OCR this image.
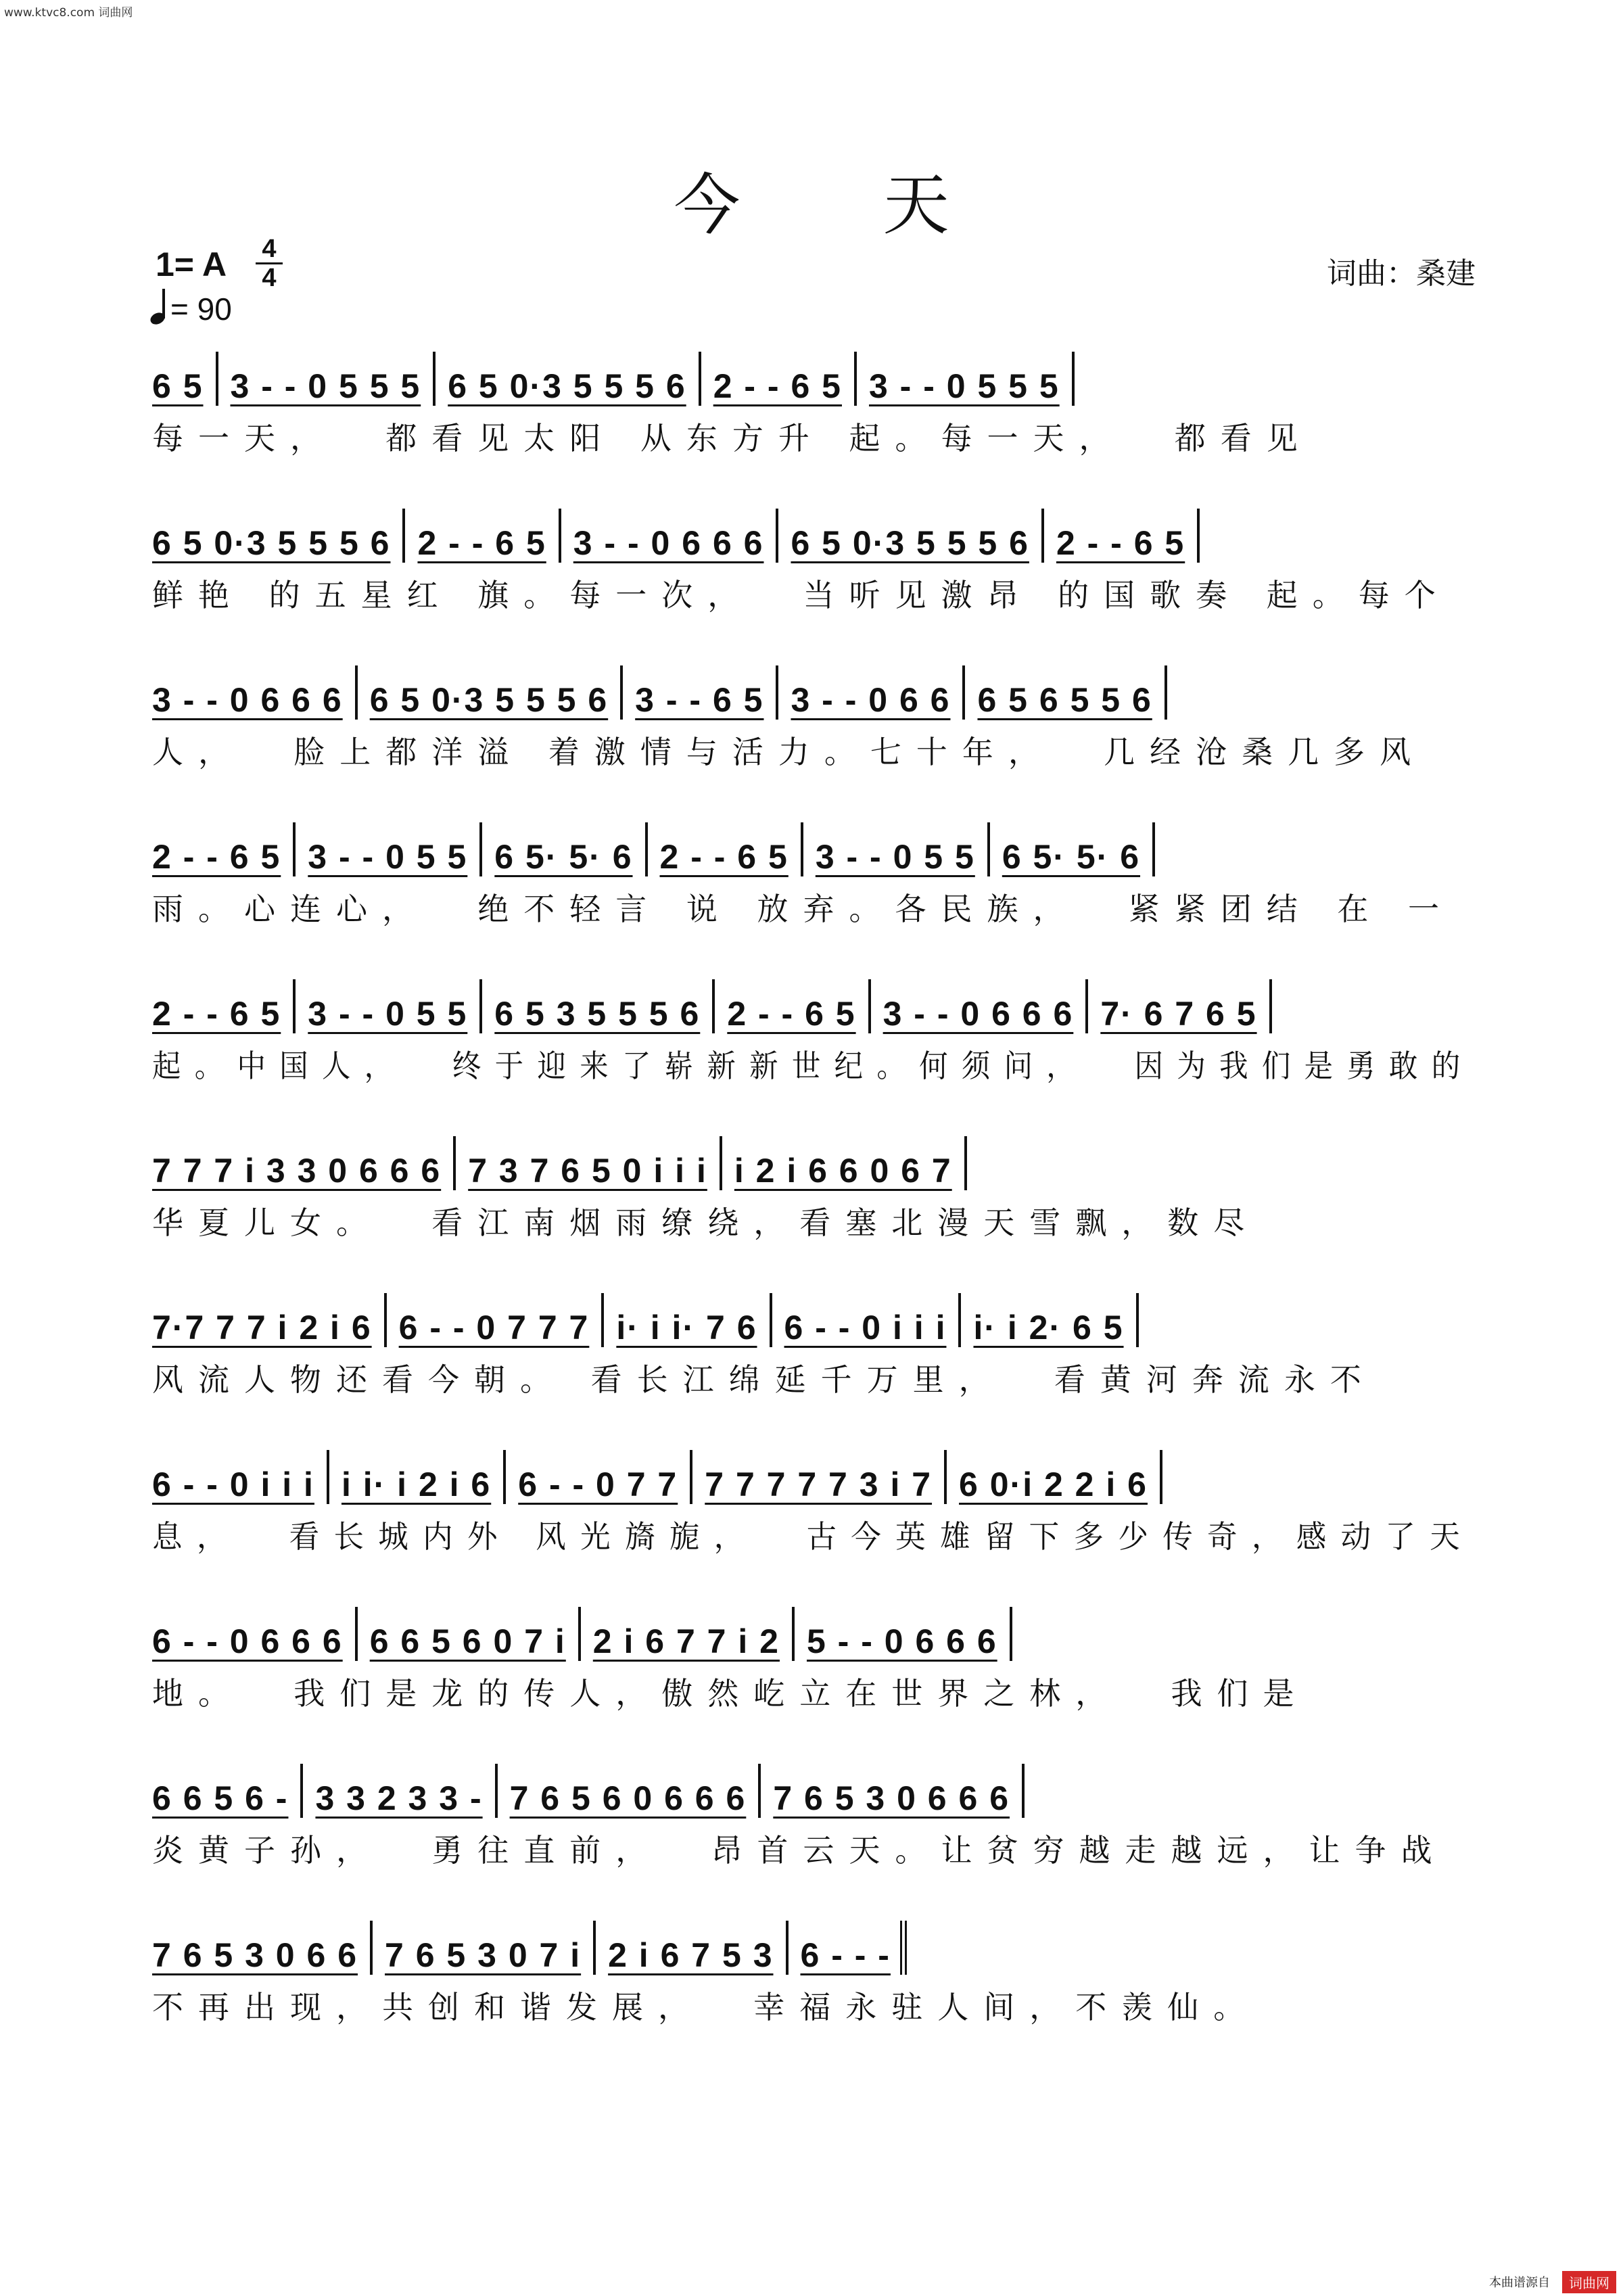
www.ktvc8.com 词曲网
今 天
1= A 4
4
= 90
词曲：桑建
6 5 3 - - 0 5 5 5 6 5 0·3 5 5 5 6 2 - - 6 5 3 - - 0 5 5 5
每一天，  都看见太阳 从东方升 起。每一天，  都看见
6 5 0·3 5 5 5 6 2 - - 6 5 3 - - 0 6 6 6 6 5 0·3 5 5 5 6 2 - - 6 5
鲜艳 的五星红 旗。每一次，  当听见激昂 的国歌奏 起。每个
3 - - 0 6 6 6 6 5 0·3 5 5 5 6 3 - - 6 5 3 - - 0 6 6 6 5 6 5 5 6
人，  脸上都洋溢 着激情与活力。七十年，  几经沧桑几多风
2 - - 6 5 3 - - 0 5 5 6 5· 5· 6 2 - - 6 5 3 - - 0 5 5 6 5· 5· 6
雨。心连心，  绝不轻言 说 放弃。各民族，  紧紧团结 在 一
2 - - 6 5 3 - - 0 5 5 6 5 3 5 5 5 6 2 - - 6 5 3 - - 0 6 6 6 7· 6 7 6 5
起。中国人，  终于迎来了崭新新世纪。何须问，  因为我们是勇敢的
7 7 7 i 3 3 0 6 6 6 7 3 7 6 5 0 i i i i 2 i 6 6 0 6 7
华夏儿女。  看江南烟雨缭绕，看塞北漫天雪飘，数尽
7·7 7 7 i 2 i 6 6 - - 0 7 7 7 i· i i· 7 6 6 - - 0 i i i i· i 2· 6 5
风流人物还看今朝。 看长江绵延千万里，  看黄河奔流永不
6 - - 0 i i i i i· i 2 i 6 6 - - 0 7 7 7 7 7 7 7 3 i 7 6 0·i 2 2 i 6
息，  看长城内外 风光旖旎，  古今英雄留下多少传奇，感动了天
6 - - 0 6 6 6 6 6 5 6 0 7 i 2 i 6 7 7 i 2 5 - - 0 6 6 6
地。  我们是龙的传人，傲然屹立在世界之林，  我们是
6 6 5 6 - 3 3 2 3 3 - 7 6 5 6 0 6 6 6 7 6 5 3 0 6 6 6
炎黄子孙，  勇往直前，  昂首云天。让贫穷越走越远，让争战
7 6 5 3 0 6 6 7 6 5 3 0 7 i 2 i 6 7 5 3 6 - - -
不再出现，共创和谐发展，  幸福永驻人间，不羡仙。
本曲谱源自	词曲网
